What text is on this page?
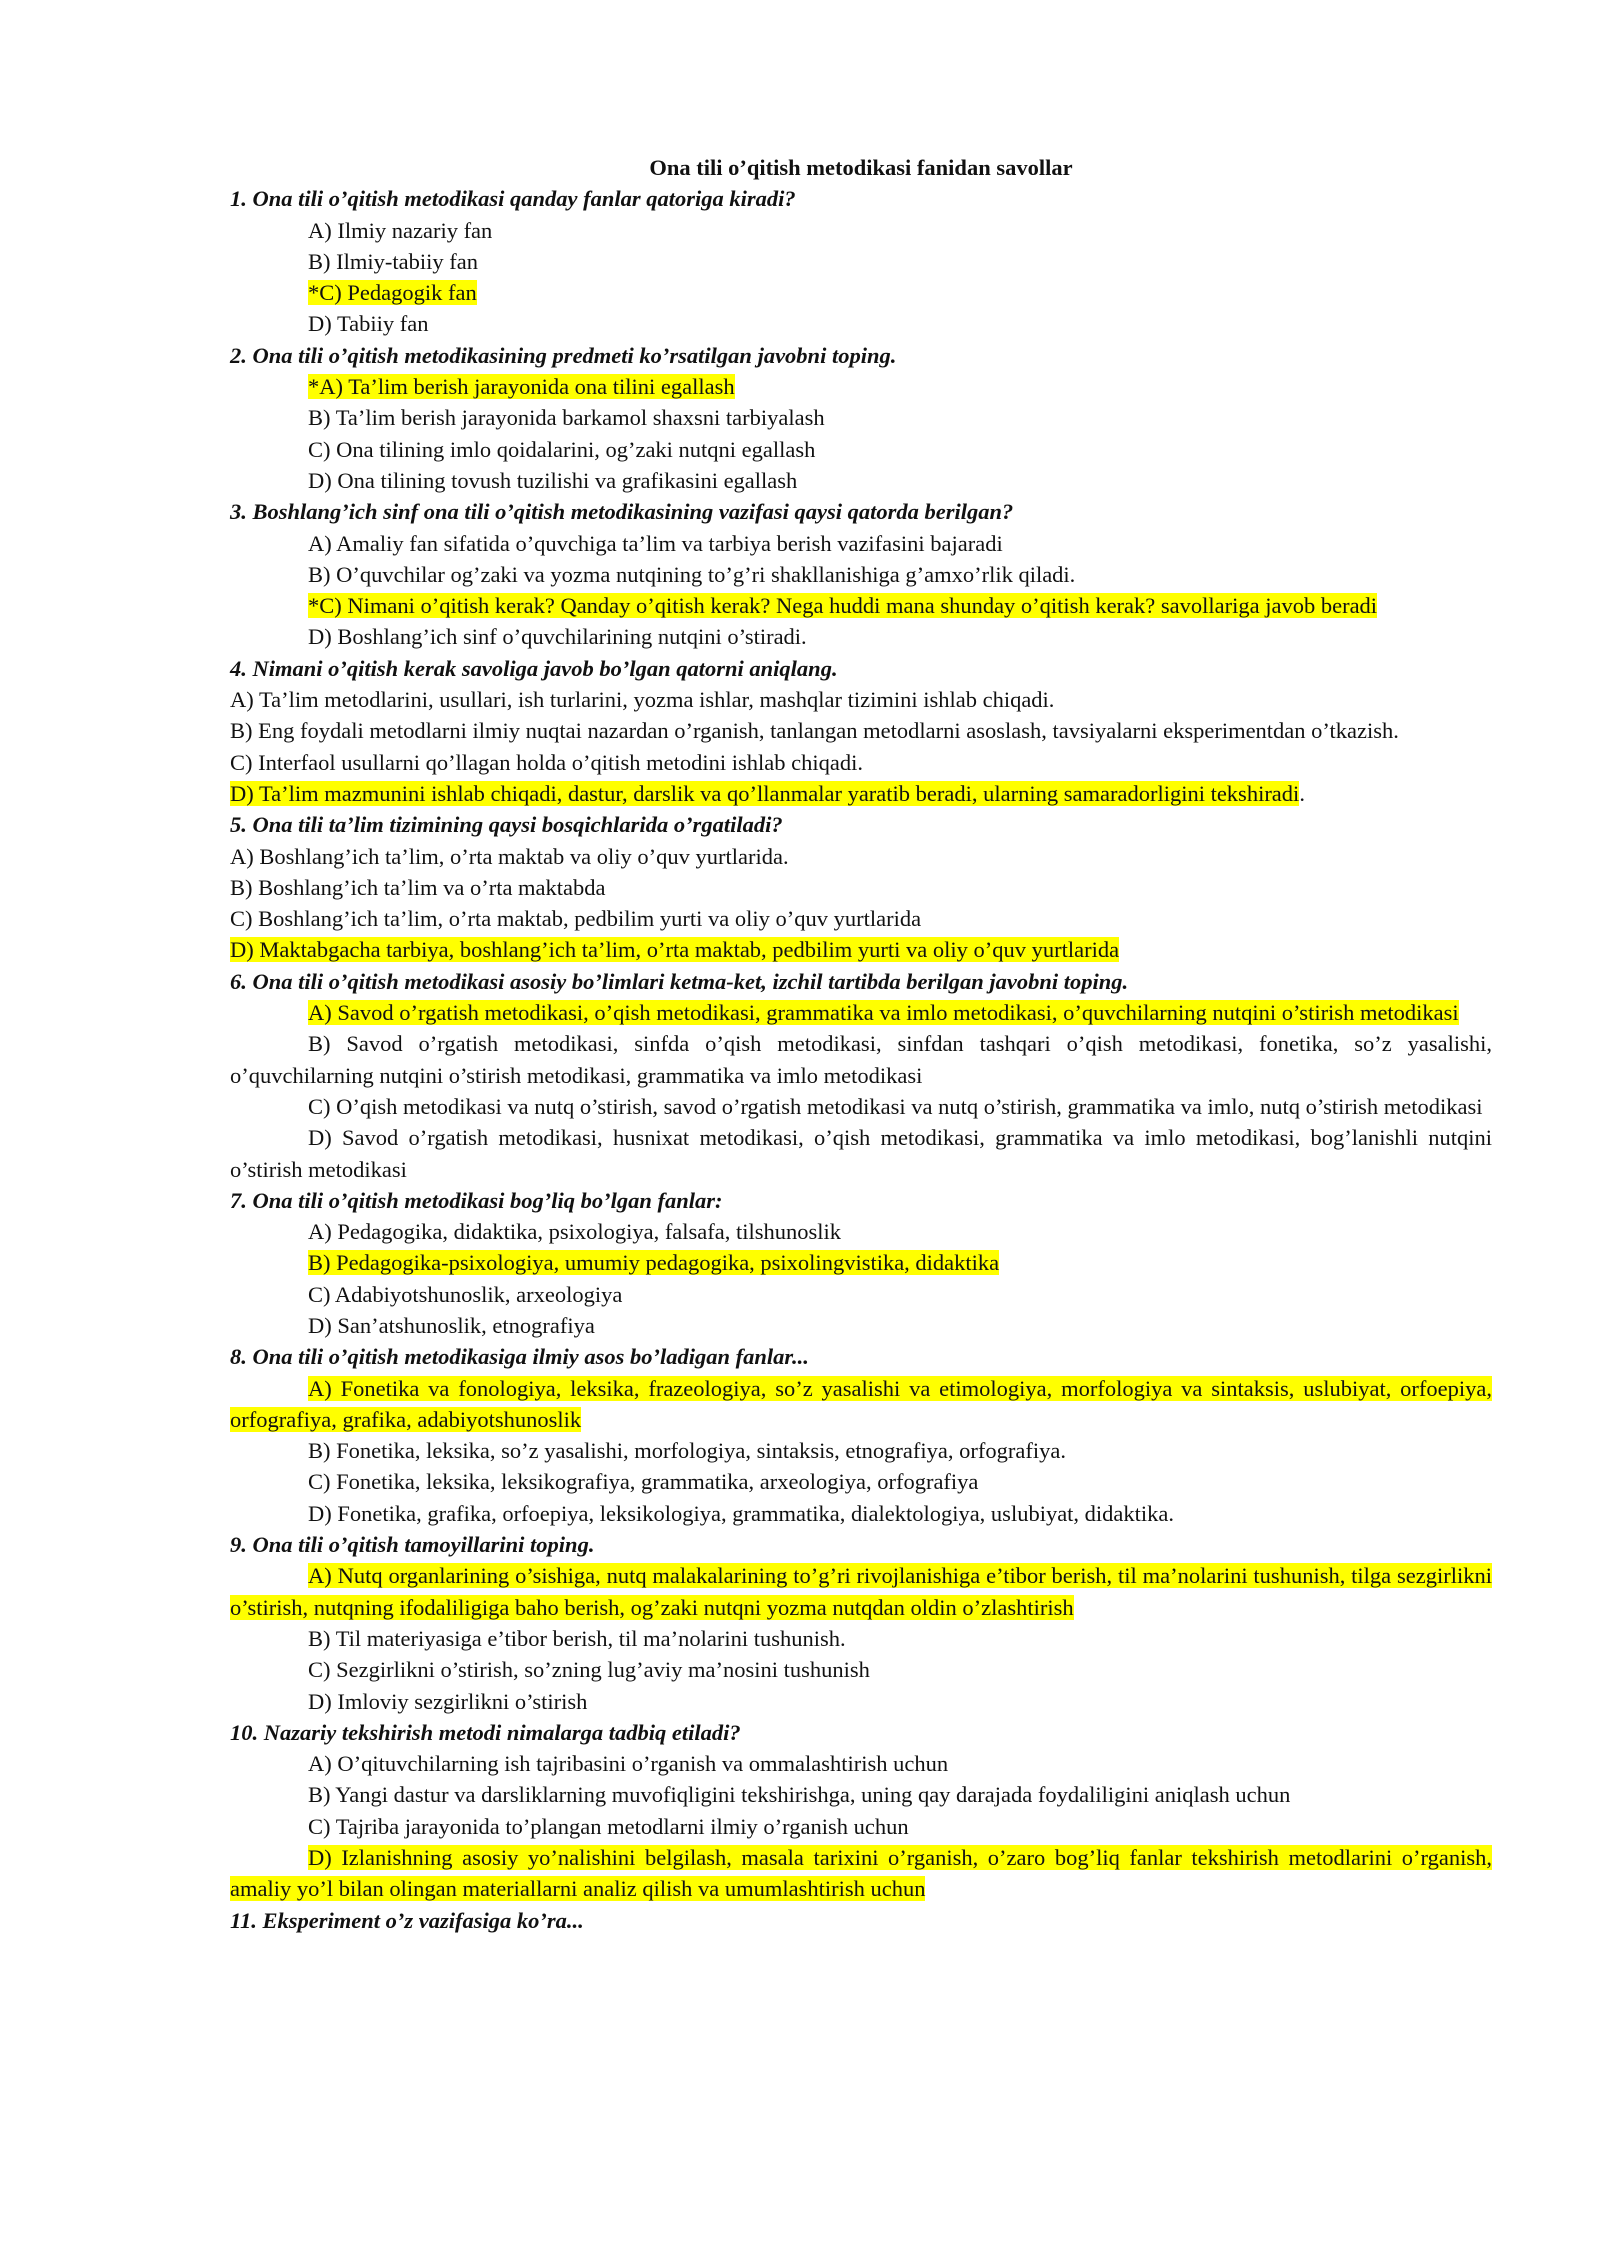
Ona tili o’qitish metodikasi fanidan savollar
1. Ona tili o’qitish metodikasi qanday fanlar qatoriga kiradi?
A) Ilmiy nazariy fan
B) Ilmiy-tabiiy fan
*C) Pedagogik fan
D) Tabiiy fan
2. Ona tili o’qitish metodikasining predmeti ko’rsatilgan javobni toping.
*A) Ta’lim berish jarayonida ona tilini egallash
B) Ta’lim berish jarayonida barkamol shaxsni tarbiyalash
C) Ona tilining imlo qoidalarini, og’zaki nutqni egallash
D) Ona tilining tovush tuzilishi va grafikasini egallash
3. Boshlang’ich sinf ona tili o’qitish metodikasining vazifasi qaysi qatorda berilgan?
A) Amaliy fan sifatida o’quvchiga ta’lim va tarbiya berish vazifasini bajaradi
B) O’quvchilar og’zaki va yozma nutqining to’g’ri shakllanishiga g’amxo’rlik qiladi.
*C) Nimani o’qitish kerak? Qanday o’qitish kerak? Nega huddi mana shunday o’qitish kerak? savollariga javob beradi
D) Boshlang’ich sinf o’quvchilarining nutqini o’stiradi.
4. Nimani o’qitish kerak savoliga javob bo’lgan qatorni aniqlang.
A) Ta’lim metodlarini, usullari, ish turlarini, yozma ishlar, mashqlar tizimini ishlab chiqadi.
B) Eng foydali metodlarni ilmiy nuqtai nazardan o’rganish, tanlangan metodlarni asoslash, tavsiyalarni eksperimentdan o’tkazish.
C) Interfaol usullarni qo’llagan holda o’qitish metodini ishlab chiqadi.
D) Ta’lim mazmunini ishlab chiqadi, dastur, darslik va qo’llanmalar yaratib beradi, ularning samaradorligini tekshiradi.
5. Ona tili ta’lim tizimining qaysi bosqichlarida o’rgatiladi?
A) Boshlang’ich ta’lim, o’rta maktab va oliy o’quv yurtlarida.
B) Boshlang’ich ta’lim va o’rta maktabda
C) Boshlang’ich ta’lim, o’rta maktab, pedbilim yurti va oliy o’quv yurtlarida
D) Maktabgacha tarbiya, boshlang’ich ta’lim, o’rta maktab, pedbilim yurti va oliy o’quv yurtlarida
6. Ona tili o’qitish metodikasi asosiy bo’limlari ketma-ket, izchil tartibda berilgan javobni toping.
A) Savod o’rgatish metodikasi, o’qish metodikasi, grammatika va imlo metodikasi, o’quvchilarning nutqini o’stirish metodikasi
B) Savod o’rgatish metodikasi, sinfda o’qish metodikasi, sinfdan tashqari o’qish metodikasi, fonetika, so’z yasalishi, o’quvchilarning nutqini o’stirish metodikasi, grammatika va imlo metodikasi
C) O’qish metodikasi va nutq o’stirish, savod o’rgatish metodikasi va nutq o’stirish, grammatika va imlo, nutq o’stirish metodikasi
D) Savod o’rgatish metodikasi, husnixat metodikasi, o’qish metodikasi, grammatika va imlo metodikasi, bog’lanishli nutqini o’stirish metodikasi
7. Ona tili o’qitish metodikasi bog’liq bo’lgan fanlar:
A) Pedagogika, didaktika, psixologiya, falsafa, tilshunoslik
B) Pedagogika-psixologiya, umumiy pedagogika, psixolingvistika, didaktika
C) Adabiyotshunoslik, arxeologiya
D) San’atshunoslik, etnografiya
8. Ona tili o’qitish metodikasiga ilmiy asos bo’ladigan fanlar...
A) Fonetika va fonologiya, leksika, frazeologiya, so’z yasalishi va etimologiya, morfologiya va sintaksis, uslubiyat, orfoepiya, orfografiya, grafika, adabiyotshunoslik
B) Fonetika, leksika, so’z yasalishi, morfologiya, sintaksis, etnografiya, orfografiya.
C) Fonetika, leksika, leksikografiya, grammatika, arxeologiya, orfografiya
D) Fonetika, grafika, orfoepiya, leksikologiya, grammatika, dialektologiya, uslubiyat, didaktika.
9. Ona tili o’qitish tamoyillarini toping.
A) Nutq organlarining o’sishiga, nutq malakalarining to’g’ri rivojlanishiga e’tibor berish, til ma’nolarini tushunish, tilga sezgirlikni o’stirish, nutqning ifodaliligiga baho berish, og’zaki nutqni yozma nutqdan oldin o’zlashtirish
B) Til materiyasiga e’tibor berish, til ma’nolarini tushunish.
C) Sezgirlikni o’stirish, so’zning lug’aviy ma’nosini tushunish
D) Imloviy sezgirlikni o’stirish
10. Nazariy tekshirish metodi nimalarga tadbiq etiladi?
A) O’qituvchilarning ish tajribasini o’rganish va ommalashtirish uchun
B) Yangi dastur va darsliklarning muvofiqligini tekshirishga, uning qay darajada foydaliligini aniqlash uchun
C) Tajriba jarayonida to’plangan metodlarni ilmiy o’rganish uchun
D) Izlanishning asosiy yo’nalishini belgilash, masala tarixini o’rganish, o’zaro bog’liq fanlar tekshirish metodlarini o’rganish, amaliy yo’l bilan olingan materiallarni analiz qilish va umumlashtirish uchun
11. Eksperiment o’z vazifasiga ko’ra...
